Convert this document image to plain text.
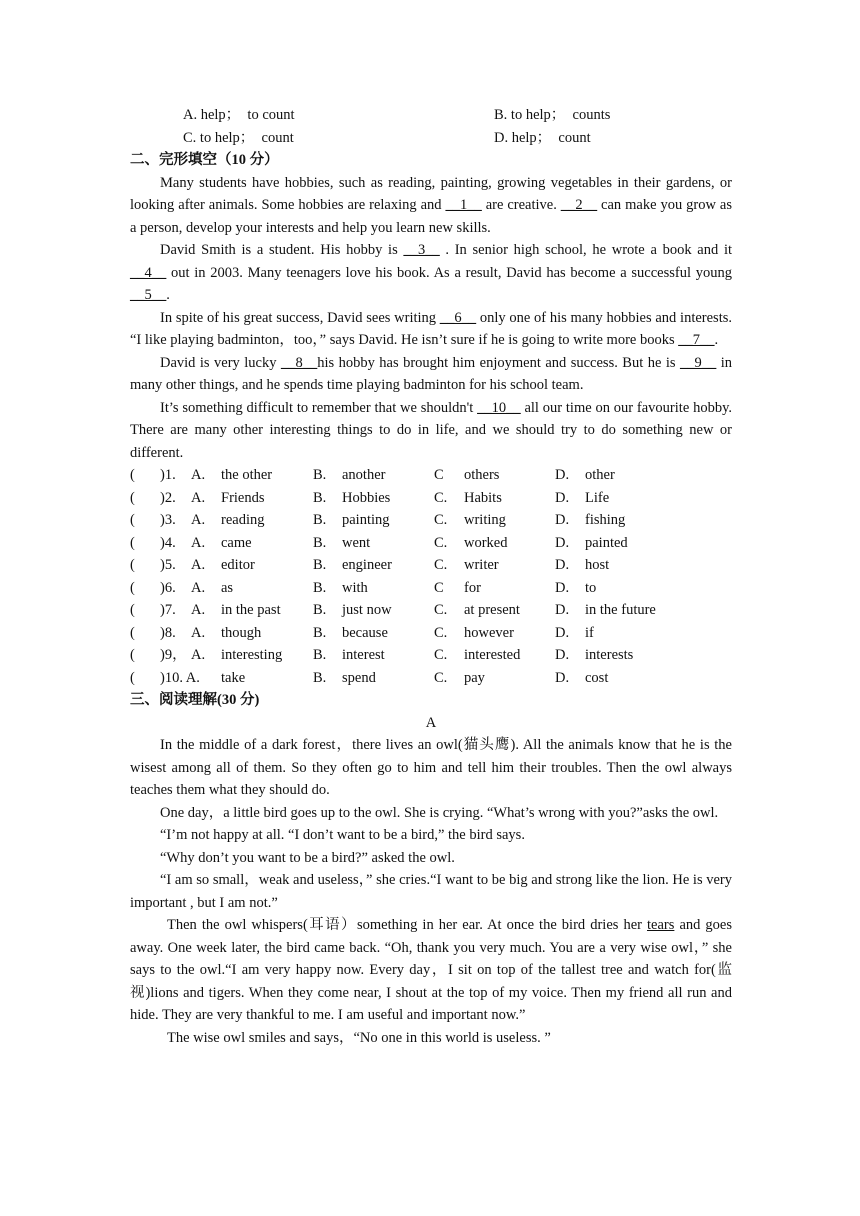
A. help；  to count	B. to help；  counts
C. to help；  count	D. help；  count
二、完形填空（10 分）

Many students have hobbies, such as reading, painting, growing vegetables in their gardens, or looking after animals. Some hobbies are relaxing and __1__ are creative. __2__ can make you grow as a person, develop your interests and help you learn new skills.

David Smith is a student. His hobby is __3__ . In senior high school, he wrote a book and it __4__ out in 2003. Many teenagers love his book. As a result, David has become a successful young __5__.

In spite of his great success, David sees writing __6__ only one of his many hobbies and interests. “I like playing badminton，too，” says David. He isn’t sure if he is going to write more books __7__.

David is very lucky __8__his hobby has brought him enjoyment and success. But he is __9__ in many other things, and he spends time playing badminton for his school team.

It’s something difficult to remember that we shouldn't __10__ all our time on our favourite hobby. There are many other interesting things to do in life, and we should try to do something new or different.

( )1. A. the other	B. another	C others	D. other
( )2. A. Friends	B. Hobbies	C. Habits	D. Life
( )3. A. reading	B. painting	C. writing	D. fishing
( )4. A. came	B. went	C. worked	D. painted
( )5. A. editor	B. engineer	C. writer	D. host
( )6. A. as	B. with	C for	D. to
( )7. A. in the past B. just now	C. at present D. in the future
( )8. A. though	B. because	C. however	D. if
( )9， A. interesting B. interest	C. interested D. interests
( )10. A. take	B. spend	C. pay	D. cost
三、阅读理解(30 分)
A

In the middle of a dark forest，there lives an owl(猫头鹰). All the animals know that he is the wisest among all of them. So they often go to him and tell him their troubles. Then the owl always teaches them what they should do.

One day，a little bird goes up to the owl. She is crying. “What’s wrong with you?”asks the owl.

“I’m not happy at all. “I don’t want to be a bird,” the bird says.

“Why don’t you want to be a bird?” asked the owl.

“I am so small，weak and useless，” she cries.“I want to be big and strong like the lion. He is very important , but I am not.”

Then the owl whispers(耳语）something in her ear. At once the bird dries her tears and goes away. One week later, the bird came back. “Oh, thank you very much. You are a very wise owl，” she says to the owl.“I am very happy now. Every day，I sit on top of the tallest tree and watch for(监视)lions and tigers. When they come near, I shout at the top of my voice. Then my friend all run and hide. They are very thankful to me. I am useful and important now.”

The wise owl smiles and says，“No one in this world is useless. ”
